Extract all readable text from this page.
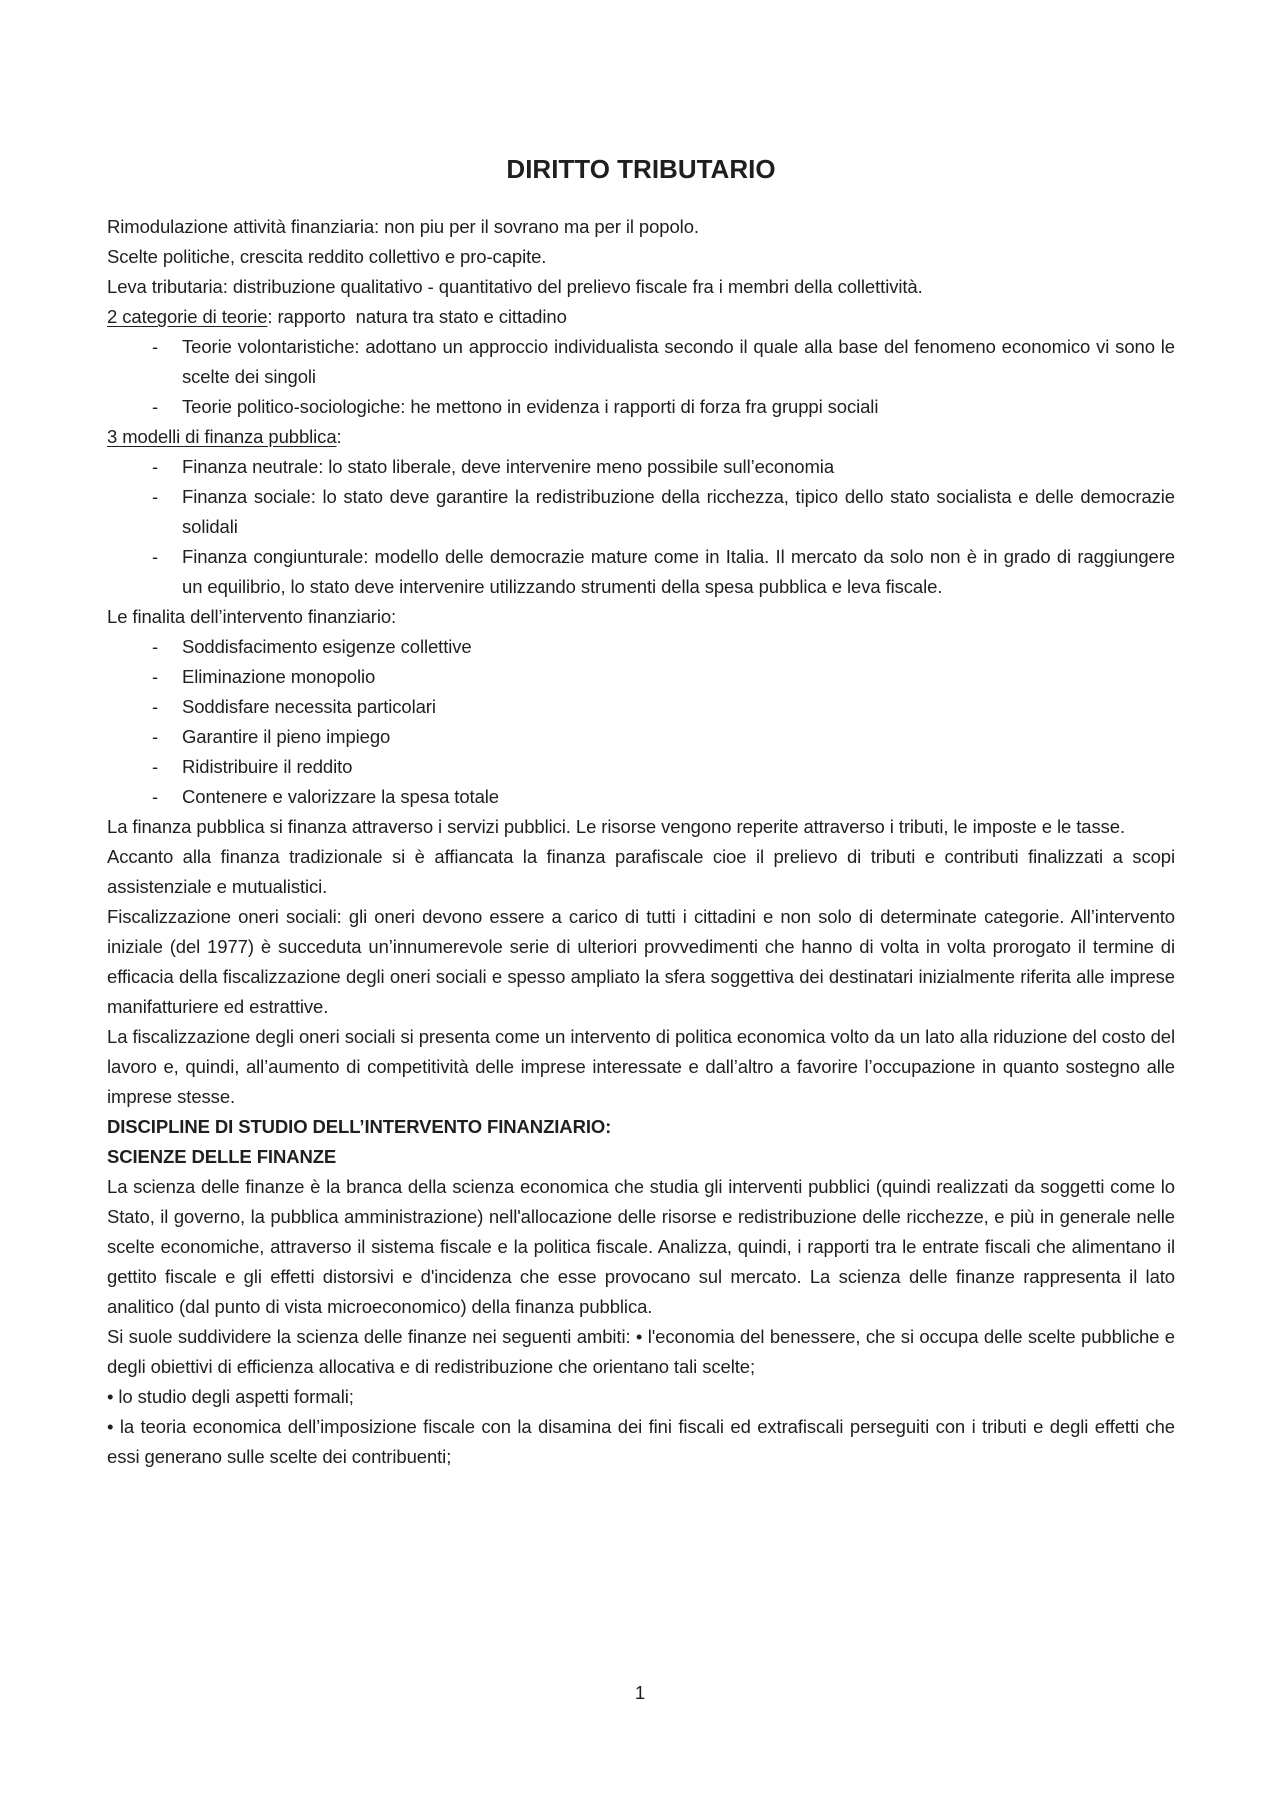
DIRITTO TRIBUTARIO

Rimodulazione attività finanziaria: non piu per il sovrano ma per il popolo.

Scelte politiche, crescita reddito collettivo e pro-capite.

Leva tributaria: distribuzione qualitativo - quantitativo del prelievo fiscale fra i membri della collettività.

2 categorie di teorie: rapporto  natura tra stato e cittadino

- Teorie volontaristiche: adottano un approccio individualista secondo il quale alla base del fenomeno economico vi sono le scelte dei singoli
- Teorie politico-sociologiche: he mettono in evidenza i rapporti di forza fra gruppi sociali

3 modelli di finanza pubblica:

- Finanza neutrale: lo stato liberale, deve intervenire meno possibile sull’economia
- Finanza sociale: lo stato deve garantire la redistribuzione della ricchezza, tipico dello stato socialista e delle democrazie solidali
- Finanza congiunturale: modello delle democrazie mature come in Italia. Il mercato da solo non è in grado di raggiungere un equilibrio, lo stato deve intervenire utilizzando strumenti della spesa pubblica e leva fiscale.

Le finalita dell’intervento finanziario:

- Soddisfacimento esigenze collettive
- Eliminazione monopolio
- Soddisfare necessita particolari
- Garantire il pieno impiego
- Ridistribuire il reddito
- Contenere e valorizzare la spesa totale

La finanza pubblica si finanza attraverso i servizi pubblici. Le risorse vengono reperite attraverso i tributi, le imposte e le tasse.

Accanto alla finanza tradizionale si è affiancata la finanza parafiscale cioe il prelievo di tributi e contributi finalizzati a scopi assistenziale e mutualistici.

Fiscalizzazione oneri sociali: gli oneri devono essere a carico di tutti i cittadini e non solo di determinate categorie. All’intervento iniziale (del 1977) è succeduta un’innumerevole serie di ulteriori provvedimenti che hanno di volta in volta prorogato il termine di efficacia della fiscalizzazione degli oneri sociali e spesso ampliato la sfera soggettiva dei destinatari inizialmente riferita alle imprese manifatturiere ed estrattive.

La fiscalizzazione degli oneri sociali si presenta come un intervento di politica economica volto da un lato alla riduzione del costo del lavoro e, quindi, all’aumento di competitività delle imprese interessate e dall’altro a favorire l’occupazione in quanto sostegno alle imprese stesse.

DISCIPLINE DI STUDIO DELL’INTERVENTO FINANZIARIO:

SCIENZE DELLE FINANZE

La scienza delle finanze è la branca della scienza economica che studia gli interventi pubblici (quindi realizzati da soggetti come lo Stato, il governo, la pubblica amministrazione) nell'allocazione delle risorse e redistribuzione delle ricchezze, e più in generale nelle scelte economiche, attraverso il sistema fiscale e la politica fiscale. Analizza, quindi, i rapporti tra le entrate fiscali che alimentano il gettito fiscale e gli effetti distorsivi e d'incidenza che esse provocano sul mercato. La scienza delle finanze rappresenta il lato analitico (dal punto di vista microeconomico) della finanza pubblica.

Si suole suddividere la scienza delle finanze nei seguenti ambiti: • l'economia del benessere, che si occupa delle scelte pubbliche e degli obiettivi di efficienza allocativa e di redistribuzione che orientano tali scelte;

• lo studio degli aspetti formali;

• la teoria economica dell’imposizione fiscale con la disamina dei fini fiscali ed extrafiscali perseguiti con i tributi e degli effetti che essi generano sulle scelte dei contribuenti;

1
